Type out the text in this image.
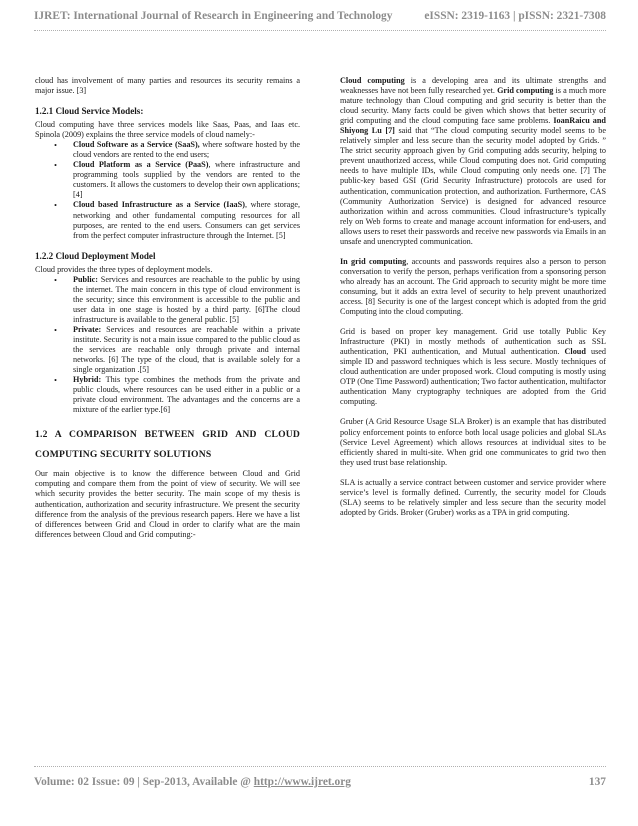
IJRET: International Journal of Research in Engineering and Technology	eISSN: 2319-1163 | pISSN: 2321-7308

cloud has involvement of many parties and resources its security remains a major issue. [3]

1.2.1 Cloud Service Models:

Cloud computing have three services models like Saas, Paas, and Iaas etc. Spinola (2009) explains the three service models of cloud namely:-

• Cloud Software as a Service (SaaS), where software hosted by the cloud vendors are rented to the end users;
• Cloud Platform as a Service (PaaS), where infrastructure and programming tools supplied by the vendors are rented to the customers. It allows the customers to develop their own applications; [4]
• Cloud based Infrastructure as a Service (IaaS), where storage, networking and other fundamental computing resources for all purposes, are rented to the end users. Consumers can get services from the perfect computer infrastructure through the Internet. [5]
1.2.2 Cloud Deployment Model

Cloud provides the three types of deployment models.

• Public: Services and resources are reachable to the public by using the internet. The main concern in this type of cloud environment is the security; since this environment is accessible to the public and user data in one stage is hosted by a third party. [6]The cloud infrastructure is available to the general public. [5]
• Private: Services and resources are reachable within a private institute. Security is not a main issue compared to the public cloud as the services are reachable only through private and internal networks. [6] The type of the cloud, that is available solely for a single organization .[5]
• Hybrid: This type combines the methods from the private and public clouds, where resources can be used either in a public or a private cloud environment. The advantages and the concerns are a mixture of the earlier type.[6]
1.2 A COMPARISON BETWEEN GRID AND CLOUD COMPUTING SECURITY SOLUTIONS

Our main objective is to know the difference between Cloud and Grid computing and compare them from the point of view of security. We will see which security provides the better security. The main scope of my thesis is authentication, authorization and security infrastructure. We present the security difference from the analysis of the previous research papers. Here we have a list of differences between Grid and Cloud in order to clarify what are the main differences between Cloud and Grid computing:-

Cloud computing is a developing area and its ultimate strengths and weaknesses have not been fully researched yet. Grid computing is a much more mature technology than Cloud computing and grid security is better than the cloud security. Many facts could be given which shows that better security of grid computing and the cloud computing face same problems. IoanRaicu and Shiyong Lu [7] said that “The cloud computing security model seems to be relatively simpler and less secure than the security model adopted by Grids. ” The strict security approach given by Grid computing adds security, helping to prevent unauthorized access, while Cloud computing does not. Grid computing needs to have multiple IDs, while Cloud computing only needs one. [7] The public-key based GSI (Grid Security Infrastructure) protocols are used for authentication, communication protection, and authorization. Furthermore, CAS (Community Authorization Service) is designed for advanced resource authorization within and across communities. Cloud infrastructure’s typically rely on Web forms to create and manage account information for end-users, and allows users to reset their passwords and receive new passwords via Emails in an unsafe and unencrypted communication.

In grid computing, accounts and passwords requires also a person to person conversation to verify the person, perhaps verification from a sponsoring person who already has an account. The Grid approach to security might be more time consuming, but it adds an extra level of security to help prevent unauthorized access. [8] Security is one of the largest concept which is adopted from the grid Computing into the cloud computing.

Grid is based on proper key management. Grid use totally Public Key Infrastructure (PKI) in mostly methods of authentication such as SSL authentication, PKI authentication, and Mutual authentication. Cloud used simple ID and password techniques which is less secure. Mostly techniques of cloud authentication are under proposed work. Cloud computing is mostly using OTP (One Time Password) authentication; Two factor authentication, multifactor authentication Many cryptography techniques are adopted from the Grid computing.

Gruber (A Grid Resource Usage SLA Broker) is an example that has distributed policy enforcement points to enforce both local usage policies and global SLAs (Service Level Agreement) which allows resources at individual sites to be efficiently shared in multi-site. When grid one communicates to grid two then they used trust base relationship.

SLA is actually a service contract between customer and service provider where service’s level is formally defined. Currently, the security model for Clouds (SLA) seems to be relatively simpler and less secure than the security model adopted by Grids. Broker (Gruber) works as a TPA in grid computing.

Volume: 02 Issue: 09 | Sep-2013, Available @ http://www.ijret.org	137
